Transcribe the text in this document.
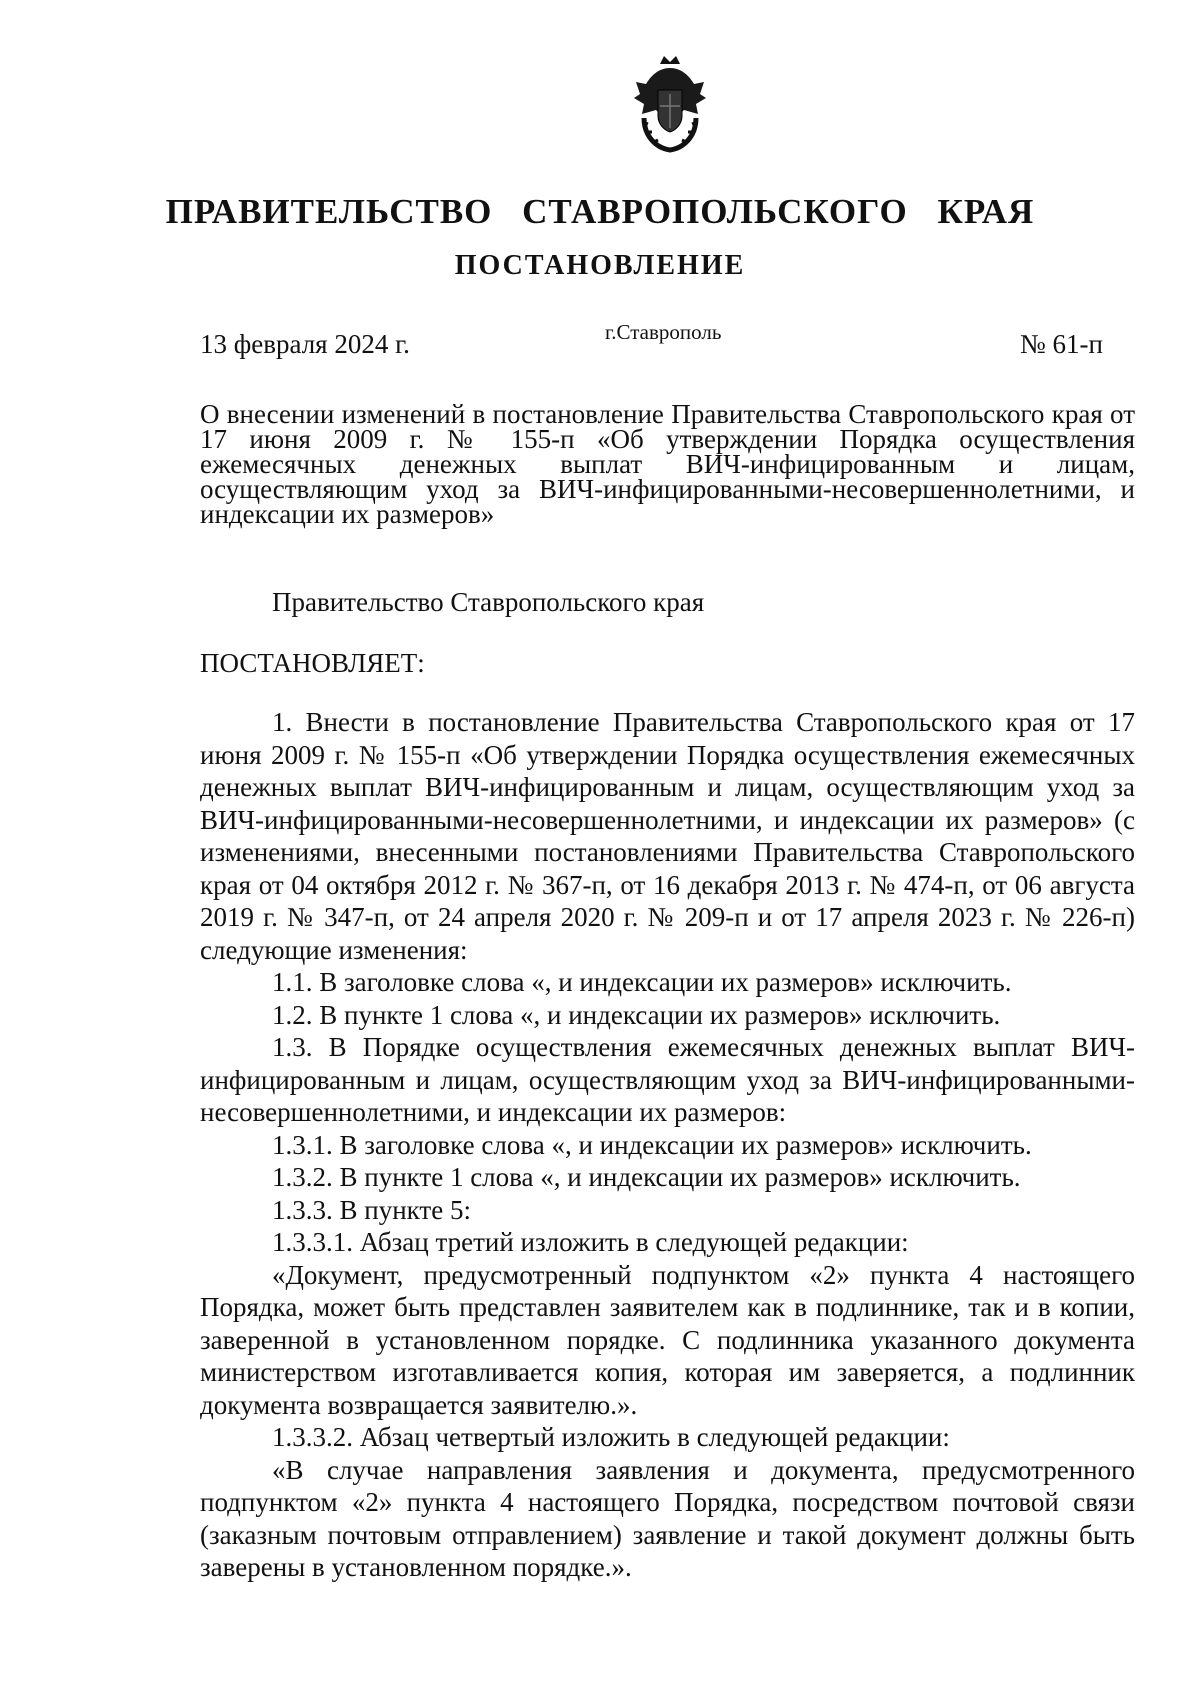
ПРАВИТЕЛЬСТВО СТАВРОПОЛЬСКОГО КРАЯ
ПОСТАНОВЛЕНИЕ
13 февраля 2024 г.	г.Ставрополь	№ 61-п

О внесении изменений в постановление Правительства Ставропольского края от 17 июня 2009 г. № 155-п «Об утверждении Порядка осуществления ежемесячных денежных выплат ВИЧ-инфицированным и лицам, осуществляющим уход за ВИЧ-инфицированными-несовершеннолетними, и индексации их размеров»

Правительство Ставропольского края
ПОСТАНОВЛЯЕТ:

1. Внести в постановление Правительства Ставропольского края от 17 июня 2009 г. № 155-п «Об утверждении Порядка осуществления ежемесячных денежных выплат ВИЧ-инфицированным и лицам, осуществляющим уход за ВИЧ-инфицированными-несовершеннолетними, и индексации их размеров» (с изменениями, внесенными постановлениями Правительства Ставропольского края от 04 октября 2012 г. № 367-п, от 16 декабря 2013 г. № 474-п, от 06 августа 2019 г. № 347-п, от 24 апреля 2020 г. № 209-п и от 17 апреля 2023 г. № 226-п) следующие изменения:

1.1. В заголовке слова «, и индексации их размеров» исключить.

1.2. В пункте 1 слова «, и индексации их размеров» исключить.

1.3. В Порядке осуществления ежемесячных денежных выплат ВИЧ-инфицированным и лицам, осуществляющим уход за ВИЧ-инфицированными-несовершеннолетними, и индексации их размеров:

1.3.1. В заголовке слова «, и индексации их размеров» исключить.

1.3.2. В пункте 1 слова «, и индексации их размеров» исключить.

1.3.3. В пункте 5:

1.3.3.1. Абзац третий изложить в следующей редакции:

«Документ, предусмотренный подпунктом «2» пункта 4 настоящего Порядка, может быть представлен заявителем как в подлиннике, так и в копии, заверенной в установленном порядке. С подлинника указанного документа министерством изготавливается копия, которая им заверяется, а подлинник документа возвращается заявителю.».

1.3.3.2. Абзац четвертый изложить в следующей редакции:

«В случае направления заявления и документа, предусмотренного подпунктом «2» пункта 4 настоящего Порядка, посредством почтовой связи (заказным почтовым отправлением) заявление и такой документ должны быть заверены в установленном порядке.».
